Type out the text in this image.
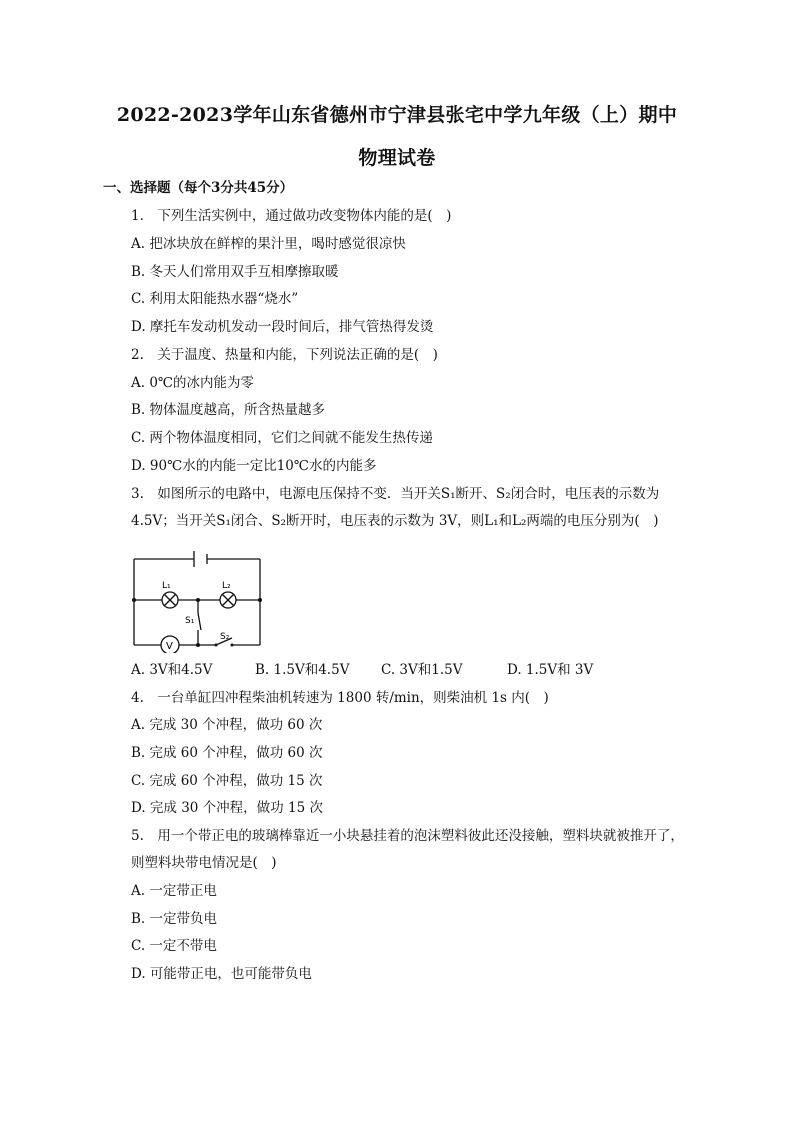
2022-2023学年山东省德州市宁津县张宅中学九年级（上）期中
物理试卷
一、选择题（每个3分共45分）
1.　下列生活实例中，通过做功改变物体内能的是(　)
A. 把冰块放在鲜榨的果汁里，喝时感觉很凉快
B. 冬天人们常用双手互相摩擦取暖
C. 利用太阳能热水器“烧水”
D. 摩托车发动机发动一段时间后，排气管热得发烫
2.　关于温度、热量和内能，下列说法正确的是(　)
A. 0℃的冰内能为零
B. 物体温度越高，所含热量越多
C. 两个物体温度相同，它们之间就不能发生热传递
D. 90℃水的内能一定比10℃水的内能多
3.　如图所示的电路中，电源电压保持不变．当开关S₁断开、S₂闭合时，电压表的示数为
4.5V；当开关S₁闭合、S₂断开时，电压表的示数为 3V，则L₁和L₂两端的电压分别为(　)
L₁	L₂
S₁
S₂
V
A. 3V和4.5V	B. 1.5V和4.5V C. 3V和1.5V	D. 1.5V和 3V
4.　一台单缸四冲程柴油机转速为 1800 转/min，则柴油机 1s 内(　)
A. 完成 30 个冲程，做功 60 次
B. 完成 60 个冲程，做功 60 次
C. 完成 60 个冲程，做功 15 次
D. 完成 30 个冲程，做功 15 次
5.　用一个带正电的玻璃棒靠近一小块悬挂着的泡沫塑料彼此还没接触，塑料块就被推开了，
则塑料块带电情况是(　)
A. 一定带正电
B. 一定带负电
C. 一定不带电
D. 可能带正电，也可能带负电
